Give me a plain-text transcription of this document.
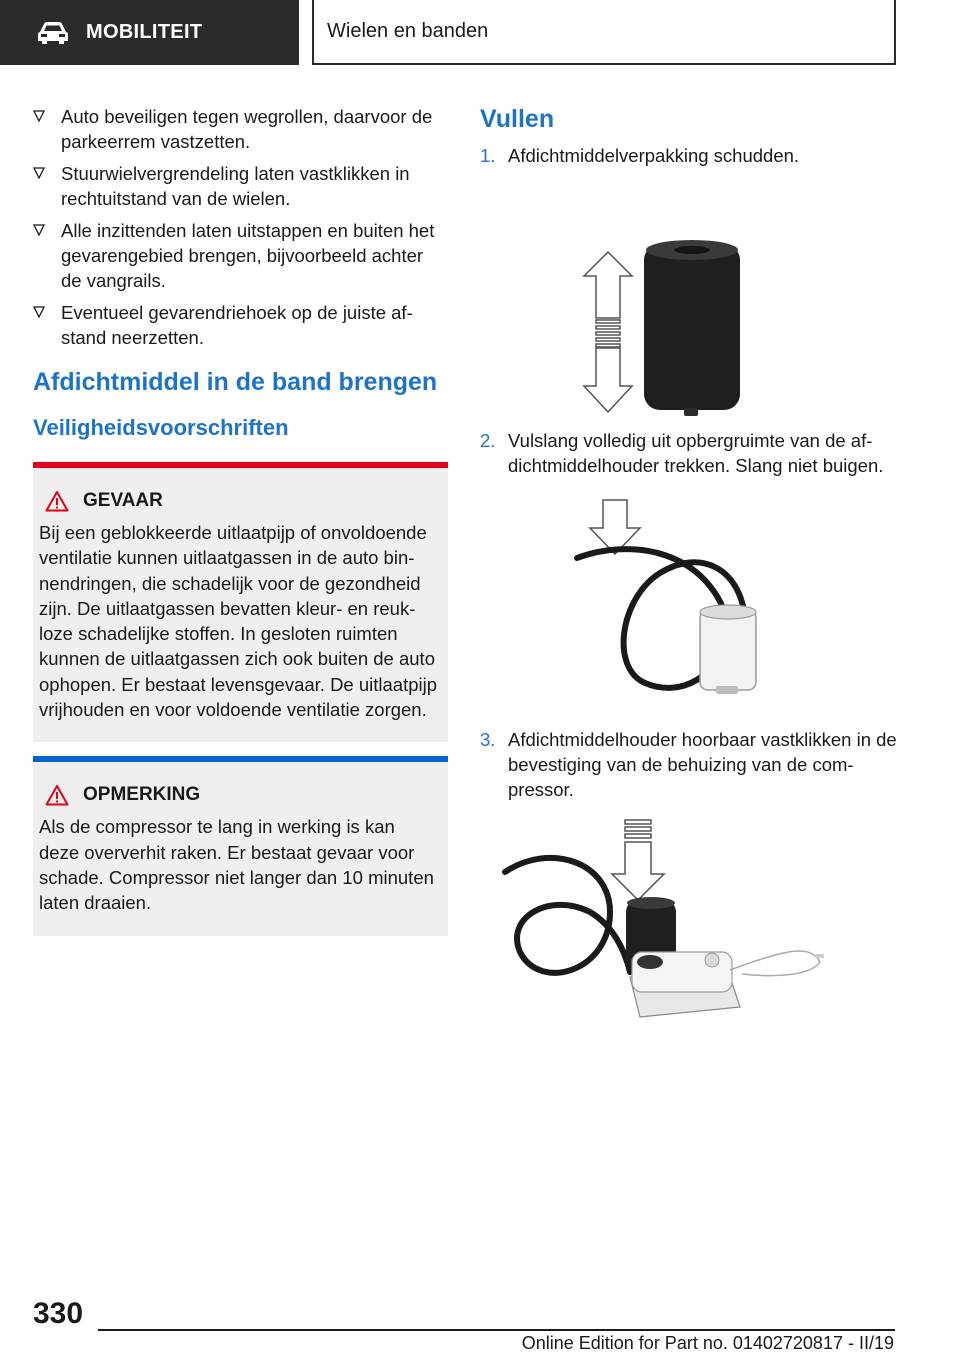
MOBILITEIT	Wielen en banden
Auto beveiligen tegen wegrollen, daarvoor de parkeerrem vastzetten.
Stuurwielvergrendeling laten vastklikken in rechtuitstand van de wielen.
Alle inzittenden laten uitstappen en buiten het gevarengebied brengen, bijvoorbeeld achter de vangrails.
Eventueel gevarendriehoek op de juiste afstand neerzetten.
Afdichtmiddel in de band brengen
Veiligheidsvoorschriften
GEVAAR

Bij een geblokkeerde uitlaatpijp of onvoldoende ventilatie kunnen uitlaatgassen in de auto binnendringen, die schadelijk voor de gezondheid zijn. De uitlaatgassen bevatten kleur- en reukloze schadelijke stoffen. In gesloten ruimten kunnen de uitlaatgassen zich ook buiten de auto ophopen. Er bestaat levensgevaar. De uitlaatpijp vrijhouden en voor voldoende ventilatie zorgen.

OPMERKING

Als de compressor te lang in werking is kan deze oververhit raken. Er bestaat gevaar voor schade. Compressor niet langer dan 10 minuten laten draaien.

Vullen
1. Afdichtmiddelverpakking schudden.
2. Vulslang volledig uit opbergruimte van de afdichtmiddelhouder trekken. Slang niet buigen.
3. Afdichtmiddelhouder hoorbaar vastklikken in de bevestiging van de behuizing van de compressor.
330
Online Edition for Part no. 01402720817 - II/19
